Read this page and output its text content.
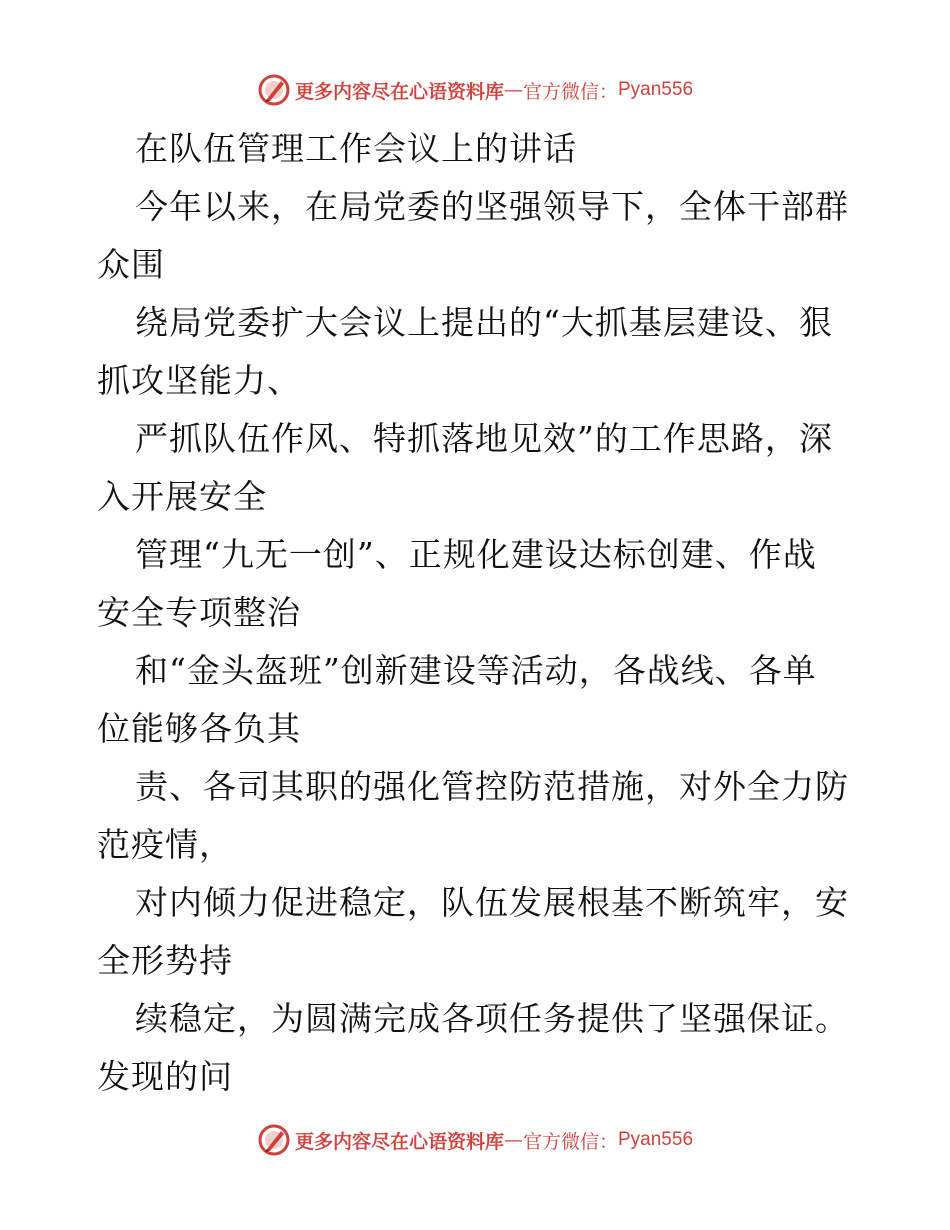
更多内容尽在心语资料库 — 官方微信： Pyan556
在队伍管理工作会议上的讲话
今年以来，在局党委的坚强领导下，全体干部群
众围
绕局党委扩大会议上提出的“大抓基层建设、狠
抓攻坚能力、
严抓队伍作风、特抓落地见效”的工作思路，深
入开展安全
管理“九无一创”、正规化建设达标创建、作战
安全专项整治
和“金头盔班”创新建设等活动，各战线、各单
位能够各负其
责、各司其职的强化管控防范措施，对外全力防
范疫情，
对内倾力促进稳定，队伍发展根基不断筑牢，安
全形势持
续稳定，为圆满完成各项任务提供了坚强保证。
发现的问
更多内容尽在心语资料库 — 官方微信： Pyan556
